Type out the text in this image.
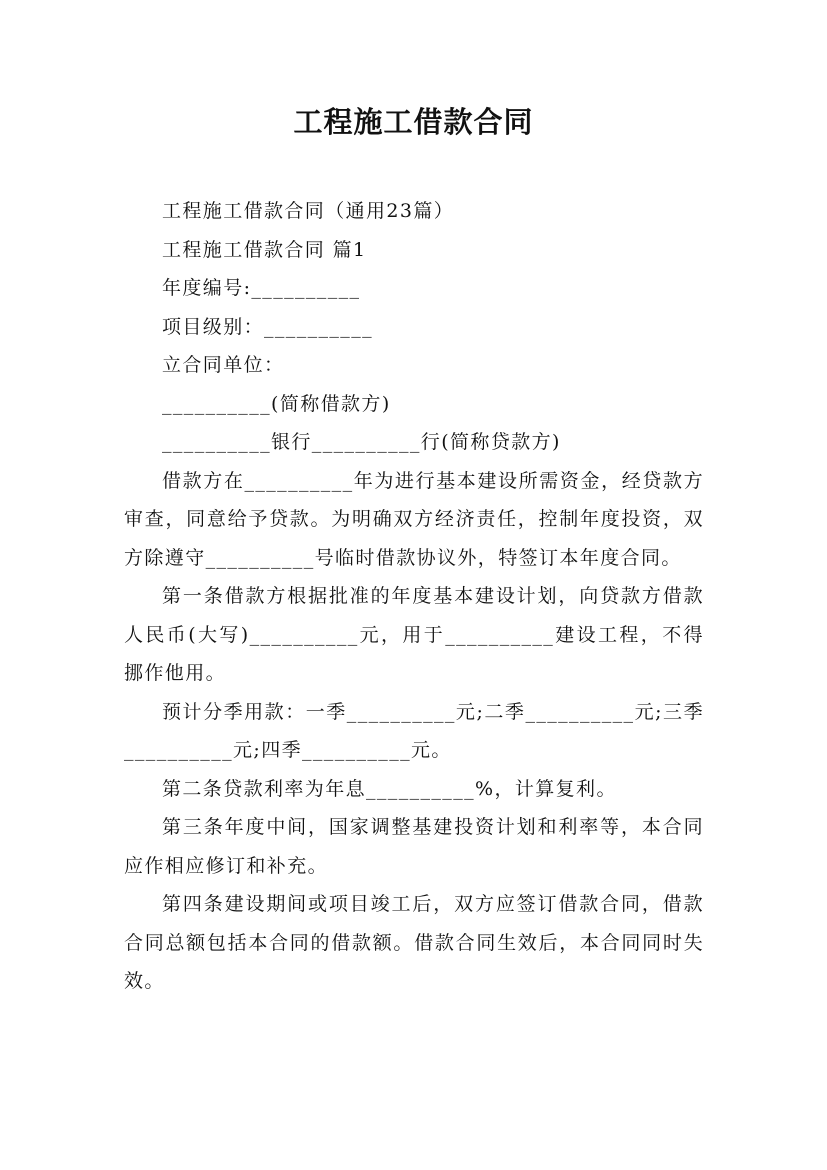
工程施工借款合同

工程施工借款合同（通用23篇）

工程施工借款合同 篇1

年度编号:__________

项目级别：__________

立合同单位：

__________(简称借款方)

__________银行__________行(简称贷款方)

借款方在__________年为进行基本建设所需资金，经贷款方审查，同意给予贷款。为明确双方经济责任，控制年度投资，双方除遵守__________号临时借款协议外，特签订本年度合同。

第一条借款方根据批准的年度基本建设计划，向贷款方借款人民币(大写)__________元，用于__________建设工程，不得挪作他用。

预计分季用款：一季__________元;二季__________元;三季__________元;四季__________元。

第二条贷款利率为年息__________%，计算复利。

第三条年度中间，国家调整基建投资计划和利率等，本合同应作相应修订和补充。

第四条建设期间或项目竣工后，双方应签订借款合同，借款合同总额包括本合同的借款额。借款合同生效后，本合同同时失效。
